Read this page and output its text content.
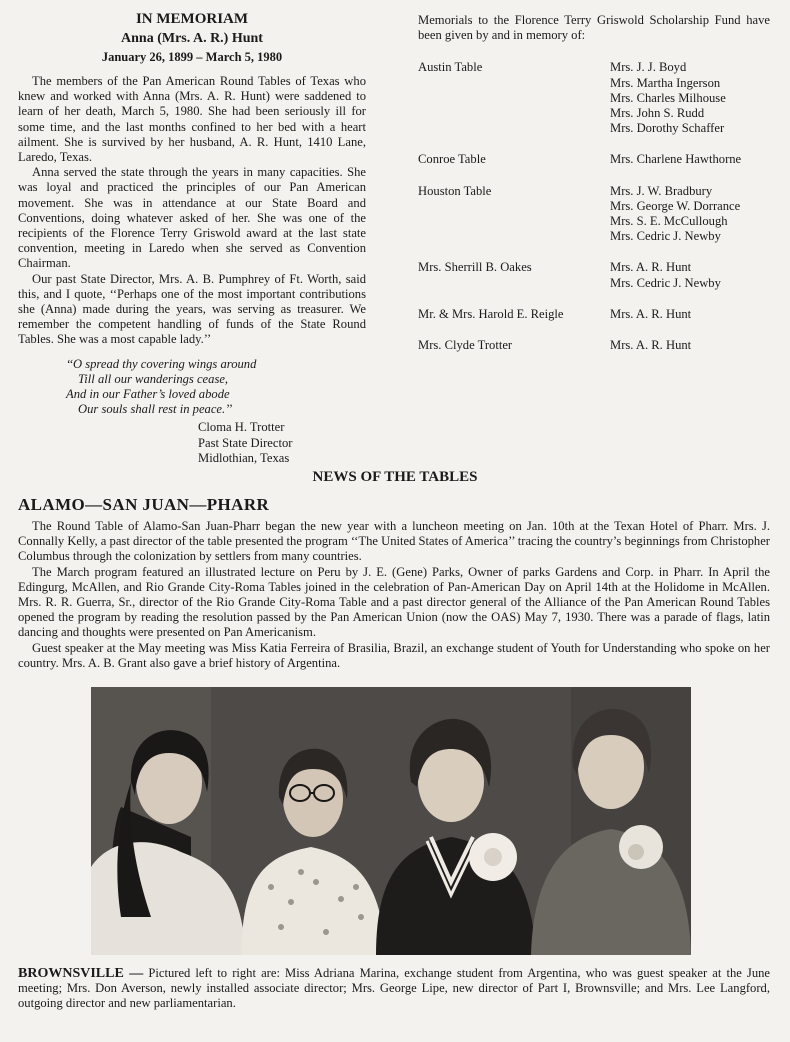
IN MEMORIAM
Anna (Mrs. A. R.) Hunt
January 26, 1899 – March 5, 1980

The members of the Pan American Round Tables of Texas who knew and worked with Anna (Mrs. A. R. Hunt) were saddened to learn of her death, March 5, 1980. She had been seriously ill for some time, and the last months confined to her bed with a heart ailment. She is survived by her husband, A. R. Hunt, 1410 Lane, Laredo, Texas.

Anna served the state through the years in many capacities. She was loyal and practiced the principles of our Pan American movement. She was in attendance at our State Board and Conventions, doing whatever asked of her. She was one of the recipients of the Florence Terry Griswold award at the last state convention, meeting in Laredo when she served as Convention Chairman.

Our past State Director, Mrs. A. B. Pumphrey of Ft. Worth, said this, and I quote, ‘‘Perhaps one of the most important contributions she (Anna) made during the years, was serving as treasurer. We remember the competent handling of funds of the State Round Tables. She was a most capable lady.’’

‘‘O spread thy covering wings around
Till all our wanderings cease,
And in our Father’s loved abode
Our souls shall rest in peace.’’
Cloma H. Trotter
Past State Director
Midlothian, Texas

Memorials to the Florence Terry Griswold Scholarship Fund have been given by and in memory of:

Austin Table	Mrs. J. J. Boyd
Mrs. Martha Ingerson
Mrs. Charles Milhouse
Mrs. John S. Rudd
Mrs. Dorothy Schaffer
Conroe Table	Mrs. Charlene Hawthorne
Houston Table	Mrs. J. W. Bradbury
Mrs. George W. Dorrance
Mrs. S. E. McCullough
Mrs. Cedric J. Newby
Mrs. Sherrill B. Oakes	Mrs. A. R. Hunt
Mrs. Cedric J. Newby
Mr. & Mrs. Harold E. Reigle	Mrs. A. R. Hunt
Mrs. Clyde Trotter	Mrs. A. R. Hunt
NEWS OF THE TABLES
ALAMO—SAN JUAN—PHARR

The Round Table of Alamo-San Juan-Pharr began the new year with a luncheon meeting on Jan. 10th at the Texan Hotel of Pharr. Mrs. J. Connally Kelly, a past director of the table presented the program ‘‘The United States of America’’ tracing the country’s beginnings from Christopher Columbus through the colonization by settlers from many countries.

The March program featured an illustrated lecture on Peru by J. E. (Gene) Parks, Owner of parks Gardens and Corp. in Pharr. In April the Edingurg, McAllen, and Rio Grande City-Roma Tables joined in the celebration of Pan-American Day on April 14th at the Holidome in McAllen. Mrs. R. R. Guerra, Sr., director of the Rio Grande City-Roma Table and a past director general of the Alliance of the Pan American Round Tables opened the program by reading the resolution passed by the Pan American Union (now the OAS) May 7, 1930. There was a parade of flags, latin dancing and thoughts were presented on Pan Americanism.

Guest speaker at the May meeting was Miss Katia Ferreira of Brasilia, Brazil, an exchange student of Youth for Understanding who spoke on her country. Mrs. A. B. Grant also gave a brief history of Argentina.

BROWNSVILLE — Pictured left to right are: Miss Adriana Marina, exchange student from Argentina, who was guest speaker at the June meeting; Mrs. Don Averson, newly installed associate director; Mrs. George Lipe, new director of Part I, Brownsville; and Mrs. Lee Langford, outgoing director and new parliamentarian.
